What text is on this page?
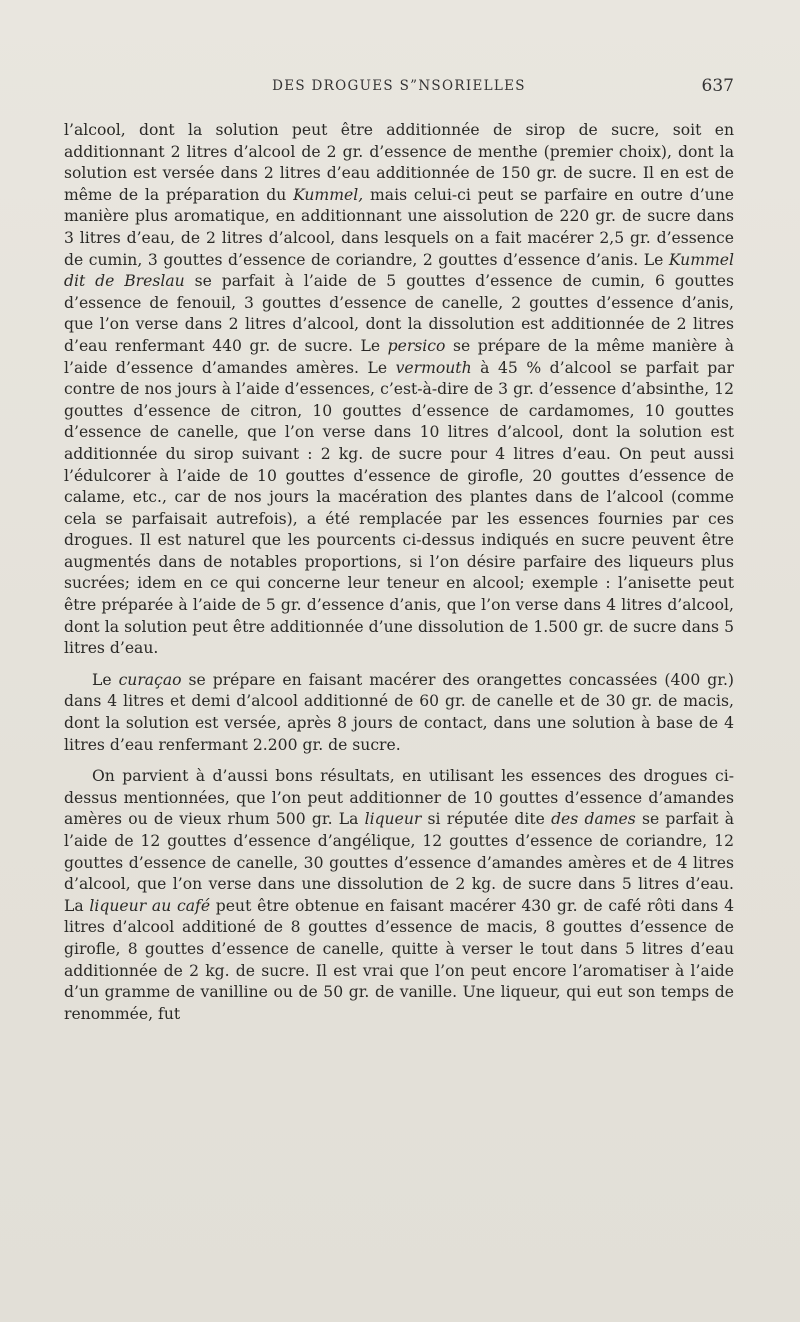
DES DROGUES S”NSORIELLES	637

l’alcool, dont la solution peut être additionnée de sirop de sucre, soit en additionnant 2 litres d’alcool de 2 gr. d’essence de menthe (premier choix), dont la solution est versée dans 2 litres d’eau additionnée de 150 gr. de sucre. Il en est de même de la préparation du Kummel, mais celui-ci peut se parfaire en outre d’une manière plus aromatique, en additionnant une aissolution de 220 gr. de sucre dans 3 litres d’eau, de 2 litres d’alcool, dans lesquels on a fait macérer 2,5 gr. d’essence de cumin, 3 gouttes d’essence de coriandre, 2 gouttes d’essence d’anis. Le Kummel dit de Breslau se parfait à l’aide de 5 gouttes d’essence de cumin, 6 gouttes d’essence de fenouil, 3 gouttes d’essence de canelle, 2 gouttes d’essence d’anis, que l’on verse dans 2 litres d’alcool, dont la dissolution est additionnée de 2 litres d’eau renfermant 440 gr. de sucre. Le persico se prépare de la même manière à l’aide d’essence d’amandes amères. Le vermouth à 45 % d’alcool se parfait par contre de nos jours à l’aide d’essences, c’est-à-dire de 3 gr. d’essence d’absinthe, 12 gouttes d’essence de citron, 10 gouttes d’essence de cardamomes, 10 gouttes d’essence de canelle, que l’on verse dans 10 litres d’alcool, dont la solution est additionnée du sirop suivant : 2 kg. de sucre pour 4 litres d’eau. On peut aussi l’édulcorer à l’aide de 10 gouttes d’essence de girofle, 20 gouttes d’essence de calame, etc., car de nos jours la macération des plantes dans de l’alcool (comme cela se parfaisait autrefois), a été remplacée par les essences fournies par ces drogues. Il est naturel que les pourcents ci-dessus indiqués en sucre peuvent être augmentés dans de notables proportions, si l’on désire parfaire des liqueurs plus sucrées; idem en ce qui concerne leur teneur en alcool; exemple : l’anisette peut être préparée à l’aide de 5 gr. d’essence d’anis, que l’on verse dans 4 litres d’alcool, dont la solution peut être additionnée d’une dissolution de 1.500 gr. de sucre dans 5 litres d’eau.

Le curaçao se prépare en faisant macérer des orangettes concassées (400 gr.) dans 4 litres et demi d’alcool additionné de 60 gr. de canelle et de 30 gr. de macis, dont la solution est versée, après 8 jours de contact, dans une solution à base de 4 litres d’eau renfermant 2.200 gr. de sucre.

On parvient à d’aussi bons résultats, en utilisant les essences des drogues ci-dessus mentionnées, que l’on peut additionner de 10 gouttes d’essence d’amandes amères ou de vieux rhum 500 gr. La liqueur si réputée dite des dames se parfait à l’aide de 12 gouttes d’essence d’angélique, 12 gouttes d’essence de coriandre, 12 gouttes d’essence de canelle, 30 gouttes d’essence d’amandes amères et de 4 litres d’alcool, que l’on verse dans une dissolution de 2 kg. de sucre dans 5 litres d’eau. La liqueur au café peut être obtenue en faisant macérer 430 gr. de café rôti dans 4 litres d’alcool additioné de 8 gouttes d’essence de macis, 8 gouttes d’essence de girofle, 8 gouttes d’essence de canelle, quitte à verser le tout dans 5 litres d’eau additionnée de 2 kg. de sucre. Il est vrai que l’on peut encore l’aromatiser à l’aide d’un gramme de vanilline ou de 50 gr. de vanille. Une liqueur, qui eut son temps de renommée, fut
